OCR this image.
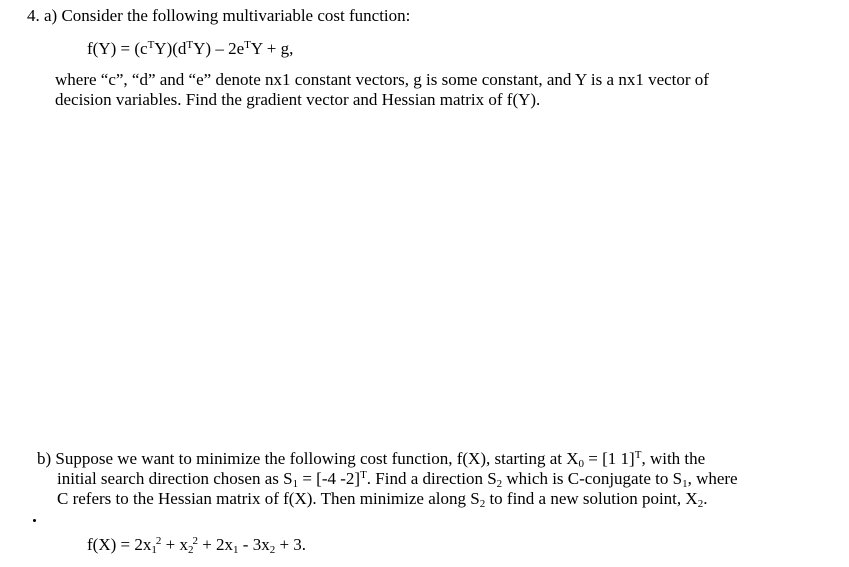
4. a) Consider the following multivariable cost function:
$f(Y) = (c^TY)(d^TY) - 2e^TY + g$,
where “c”, “d” and “e” denote nx1 constant vectors, g is some constant, and Y is a nx1 vector of
decision variables. Find the gradient vector and Hessian matrix of f(Y).
b) Suppose we want to minimize the following cost function, f(X), starting at $X_0 = [1$ 1]$^T$, with the
initial search direction chosen as $S_1 = [-4$ -2]$^T$. Find a direction $S_2$ which is C-conjugate to $S_1$, where
C refers to the Hessian matrix of f(X). Then minimize along $S_2$ to find a new solution point, $X_2$.
$f(X) = 2x_1^2 + x_2^2 + 2x_1 - 3x_2 + 3$.
